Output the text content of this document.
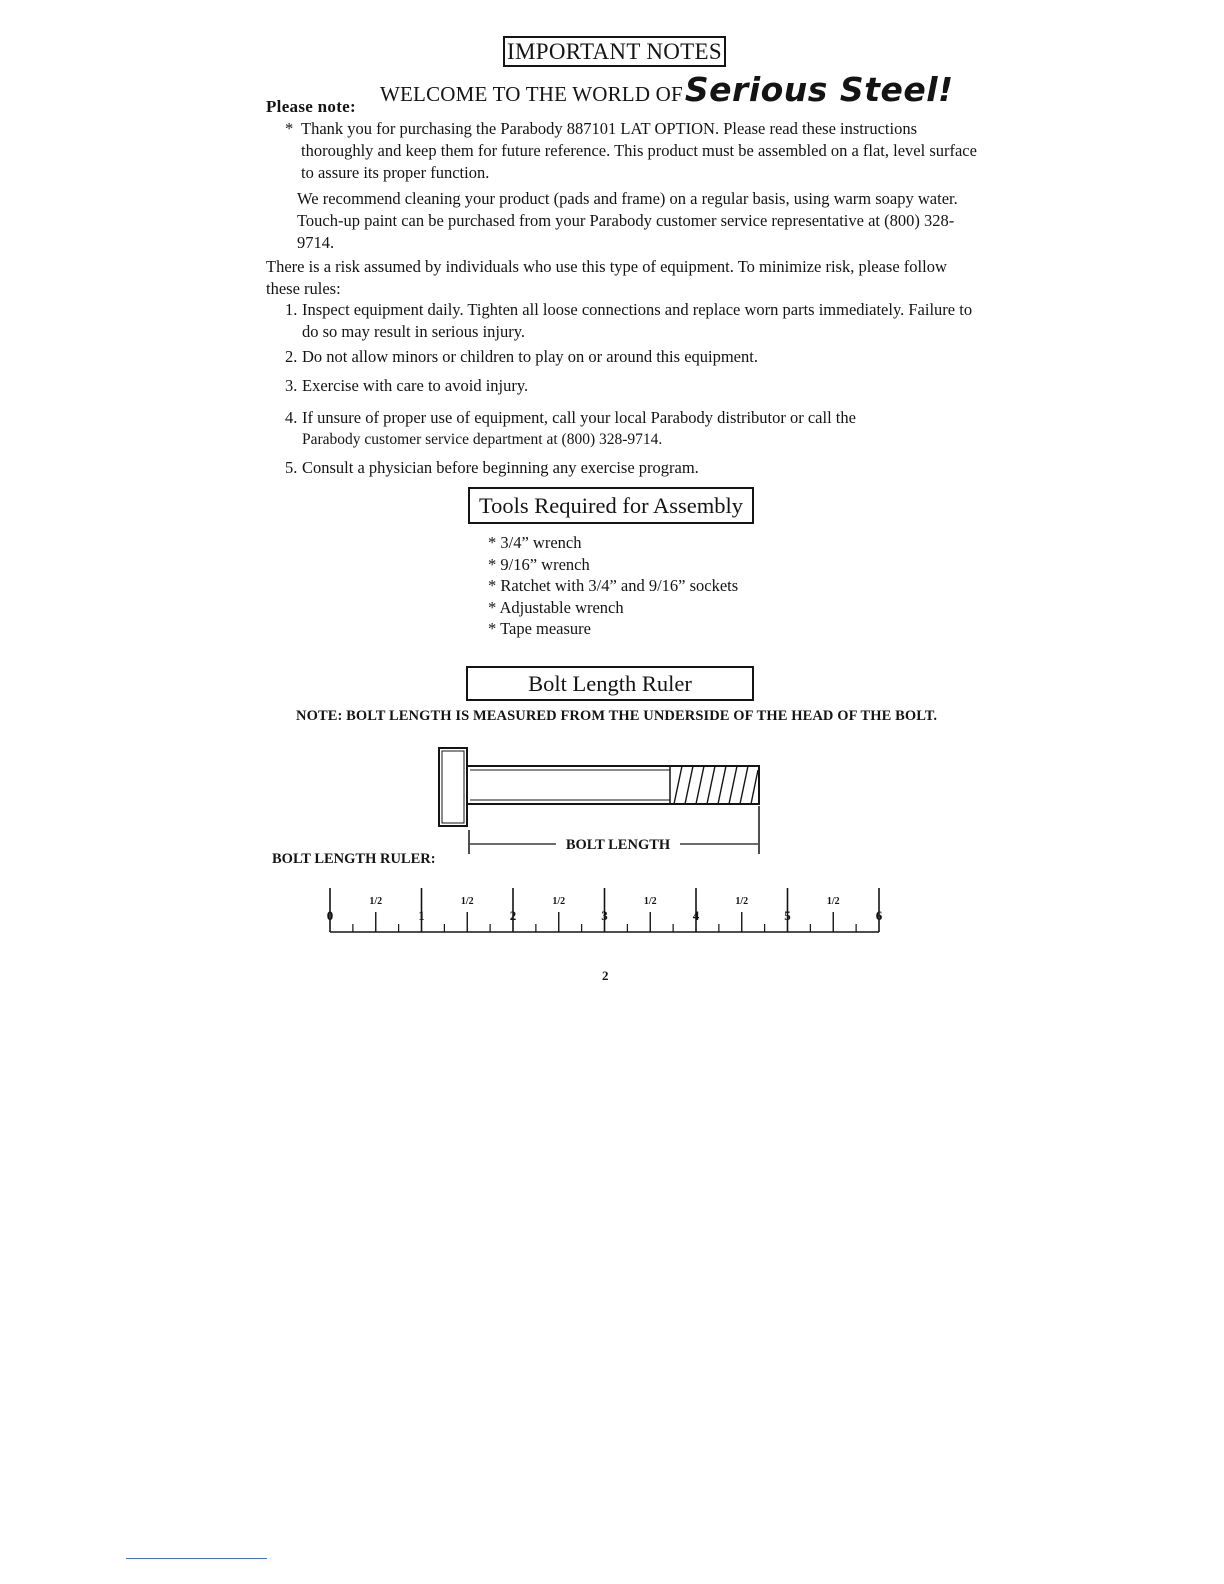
IMPORTANT NOTES
WELCOME TO THE WORLD OFSerious Steel!
Please note:
* Thank you for purchasing the Parabody 887101 LAT OPTION. Please read these instructions thoroughly and keep them for future reference. This product must be assembled on a flat, level surface to assure its proper function.
We recommend cleaning your product (pads and frame) on a regular basis, using warm soapy water. Touch-up paint can be purchased from your Parabody customer service representative at (800) 328-9714.
There is a risk assumed by individuals who use this type of equipment. To minimize risk, please follow these rules:
1. Inspect equipment daily. Tighten all loose connections and replace worn parts immediately. Failure to do so may result in serious injury.
2. Do not allow minors or children to play on or around this equipment.
3. Exercise with care to avoid injury.
4. If unsure of proper use of equipment, call your local Parabody distributor or call the
Parabody customer service department at (800) 328-9714.
5. Consult a physician before beginning any exercise program.
Tools Required for Assembly
* 3/4” wrench
* 9/16” wrench
* Ratchet with 3/4” and 9/16” sockets
* Adjustable wrench
* Tape measure
Bolt Length Ruler
NOTE: BOLT LENGTH IS MEASURED FROM THE UNDERSIDE OF THE HEAD OF THE BOLT.
BOLT LENGTH
BOLT LENGTH RULER:
0	1	2	3	4	5	6
1/2	1/2	1/2	1/2	1/2	1/2
2
